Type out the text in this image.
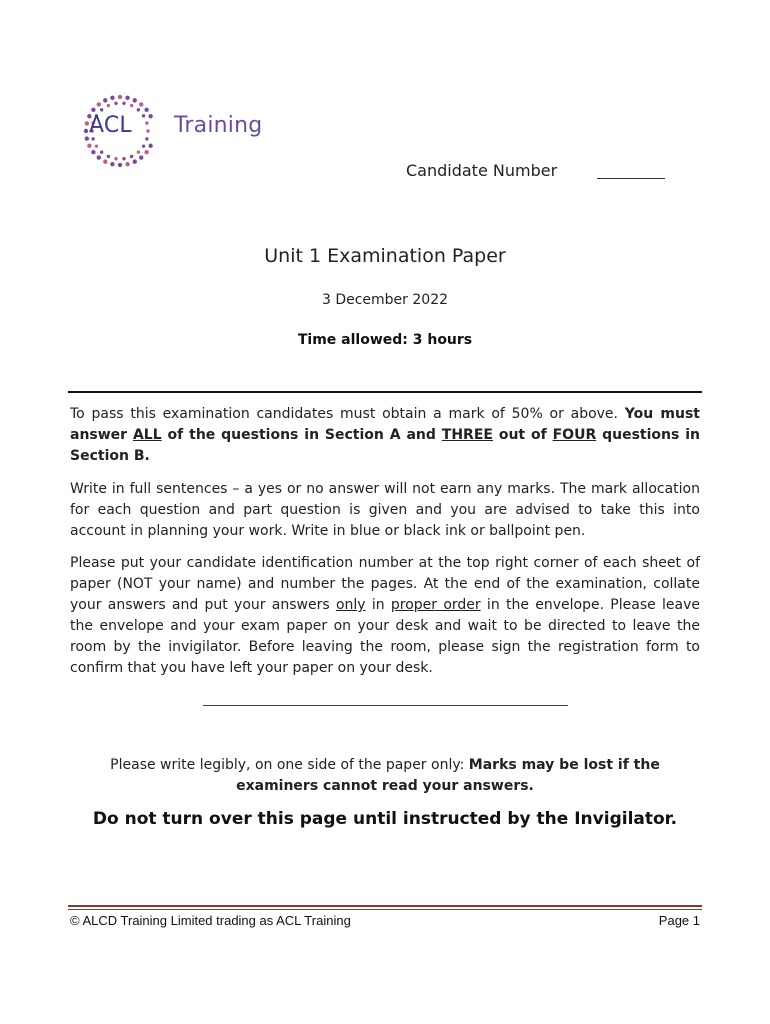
ACL Training
Candidate Number
Unit 1 Examination Paper
3 December 2022
Time allowed: 3 hours

To pass this examination candidates must obtain a mark of 50% or above. You must answer ALL of the questions in Section A and THREE out of FOUR questions in Section B.

Write in full sentences – a yes or no answer will not earn any marks. The mark allocation for each question and part question is given and you are advised to take this into account in planning your work. Write in blue or black ink or ballpoint pen.

Please put your candidate identification number at the top right corner of each sheet of paper (NOT your name) and number the pages. At the end of the examination, collate your answers and put your answers only in proper order in the envelope. Please leave the envelope and your exam paper on your desk and wait to be directed to leave the room by the invigilator. Before leaving the room, please sign the registration form to confirm that you have left your paper on your desk.

Please write legibly, on one side of the paper only: Marks may be lost if the examiners cannot read your answers.

Do not turn over this page until instructed by the Invigilator.
© ALCD Training Limited trading as ACL Training	Page 1
